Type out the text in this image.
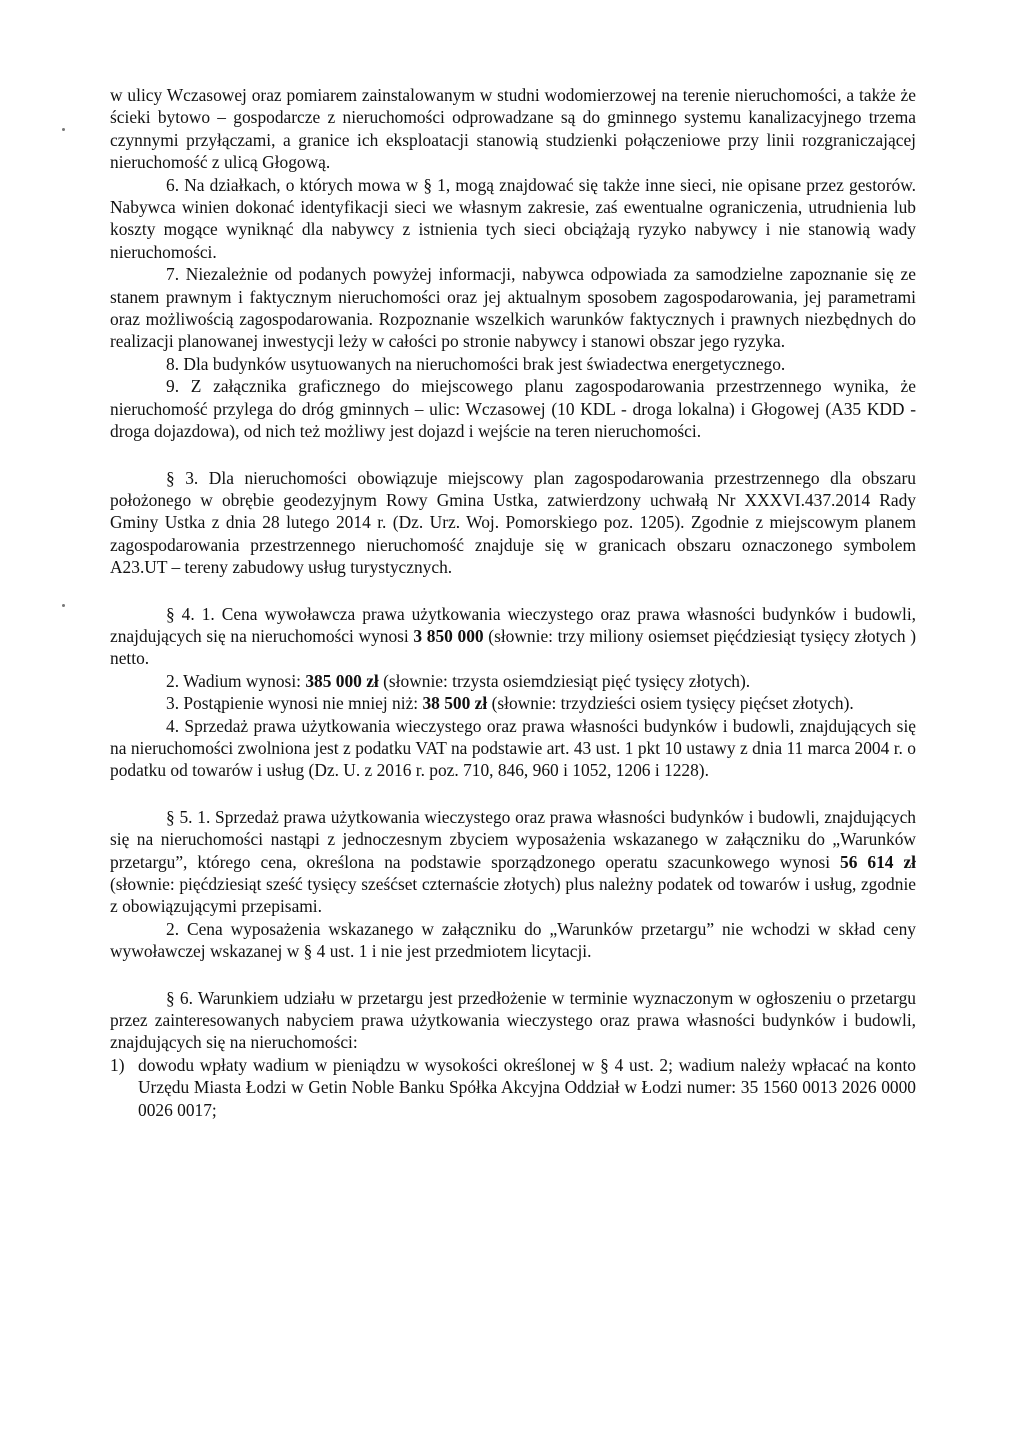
w ulicy Wczasowej oraz pomiarem zainstalowanym w studni wodomierzowej na terenie nieruchomości, a także że ścieki bytowo – gospodarcze z nieruchomości odprowadzane są do gminnego systemu kanalizacyjnego trzema czynnymi przyłączami, a granice ich eksploatacji stanowią studzienki połączeniowe przy linii rozgraniczającej nieruchomość z ulicą Głogową.

6. Na działkach, o których mowa w § 1, mogą znajdować się także inne sieci, nie opisane przez gestorów. Nabywca winien dokonać identyfikacji sieci we własnym zakresie, zaś ewentualne ograniczenia, utrudnienia lub koszty mogące wyniknąć dla nabywcy z istnienia tych sieci obciążają ryzyko nabywcy i nie stanowią wady nieruchomości.

7. Niezależnie od podanych powyżej informacji, nabywca odpowiada za samodzielne zapoznanie się ze stanem prawnym i faktycznym nieruchomości oraz jej aktualnym sposobem zagospodarowania, jej parametrami oraz możliwością zagospodarowania. Rozpoznanie wszelkich warunków faktycznych i prawnych niezbędnych do realizacji planowanej inwestycji leży w całości po stronie nabywcy i stanowi obszar jego ryzyka.

8. Dla budynków usytuowanych na nieruchomości brak jest świadectwa energetycznego.

9. Z załącznika graficznego do miejscowego planu zagospodarowania przestrzennego wynika, że nieruchomość przylega do dróg gminnych – ulic: Wczasowej (10 KDL - droga lokalna) i Głogowej (A35 KDD - droga dojazdowa), od nich też możliwy jest dojazd i wejście na teren nieruchomości.

§ 3. Dla nieruchomości obowiązuje miejscowy plan zagospodarowania przestrzennego dla obszaru położonego w obrębie geodezyjnym Rowy Gmina Ustka, zatwierdzony uchwałą Nr XXXVI.437.2014 Rady Gminy Ustka z dnia 28 lutego 2014 r. (Dz. Urz. Woj. Pomorskiego poz. 1205). Zgodnie z miejscowym planem zagospodarowania przestrzennego nieruchomość znajduje się w granicach obszaru oznaczonego symbolem A23.UT – tereny zabudowy usług turystycznych.

§ 4. 1. Cena wywoławcza prawa użytkowania wieczystego oraz prawa własności budynków i budowli, znajdujących się na nieruchomości wynosi 3 850 000 (słownie: trzy miliony osiemset pięćdziesiąt tysięcy złotych ) netto.

2. Wadium wynosi: 385 000 zł (słownie: trzysta osiemdziesiąt pięć tysięcy złotych).

3. Postąpienie wynosi nie mniej niż: 38 500 zł (słownie: trzydzieści osiem tysięcy pięćset złotych).

4. Sprzedaż prawa użytkowania wieczystego oraz prawa własności budynków i budowli, znajdujących się na nieruchomości zwolniona jest z podatku VAT na podstawie art. 43 ust. 1 pkt 10 ustawy z dnia 11 marca 2004 r. o podatku od towarów i usług (Dz. U. z 2016 r. poz. 710, 846, 960 i 1052, 1206 i 1228).

§ 5. 1. Sprzedaż prawa użytkowania wieczystego oraz prawa własności budynków i budowli, znajdujących się na nieruchomości nastąpi z jednoczesnym zbyciem wyposażenia wskazanego w załączniku do „Warunków przetargu”, którego cena, określona na podstawie sporządzonego operatu szacunkowego wynosi 56 614 zł (słownie: pięćdziesiąt sześć tysięcy sześćset czternaście złotych) plus należny podatek od towarów i usług, zgodnie z obowiązującymi przepisami.

2. Cena wyposażenia wskazanego w załączniku do „Warunków przetargu” nie wchodzi w skład ceny wywoławczej wskazanej w § 4 ust. 1 i nie jest przedmiotem licytacji.

§ 6. Warunkiem udziału w przetargu jest przedłożenie w terminie wyznaczonym w ogłoszeniu o przetargu przez zainteresowanych nabyciem prawa użytkowania wieczystego oraz prawa własności budynków i budowli, znajdujących się na nieruchomości:

1) dowodu wpłaty wadium w pieniądzu w wysokości określonej w § 4 ust. 2; wadium należy wpłacać na konto Urzędu Miasta Łodzi w Getin Noble Banku Spółka Akcyjna Oddział w Łodzi numer: 35 1560 0013 2026 0000 0026 0017;
